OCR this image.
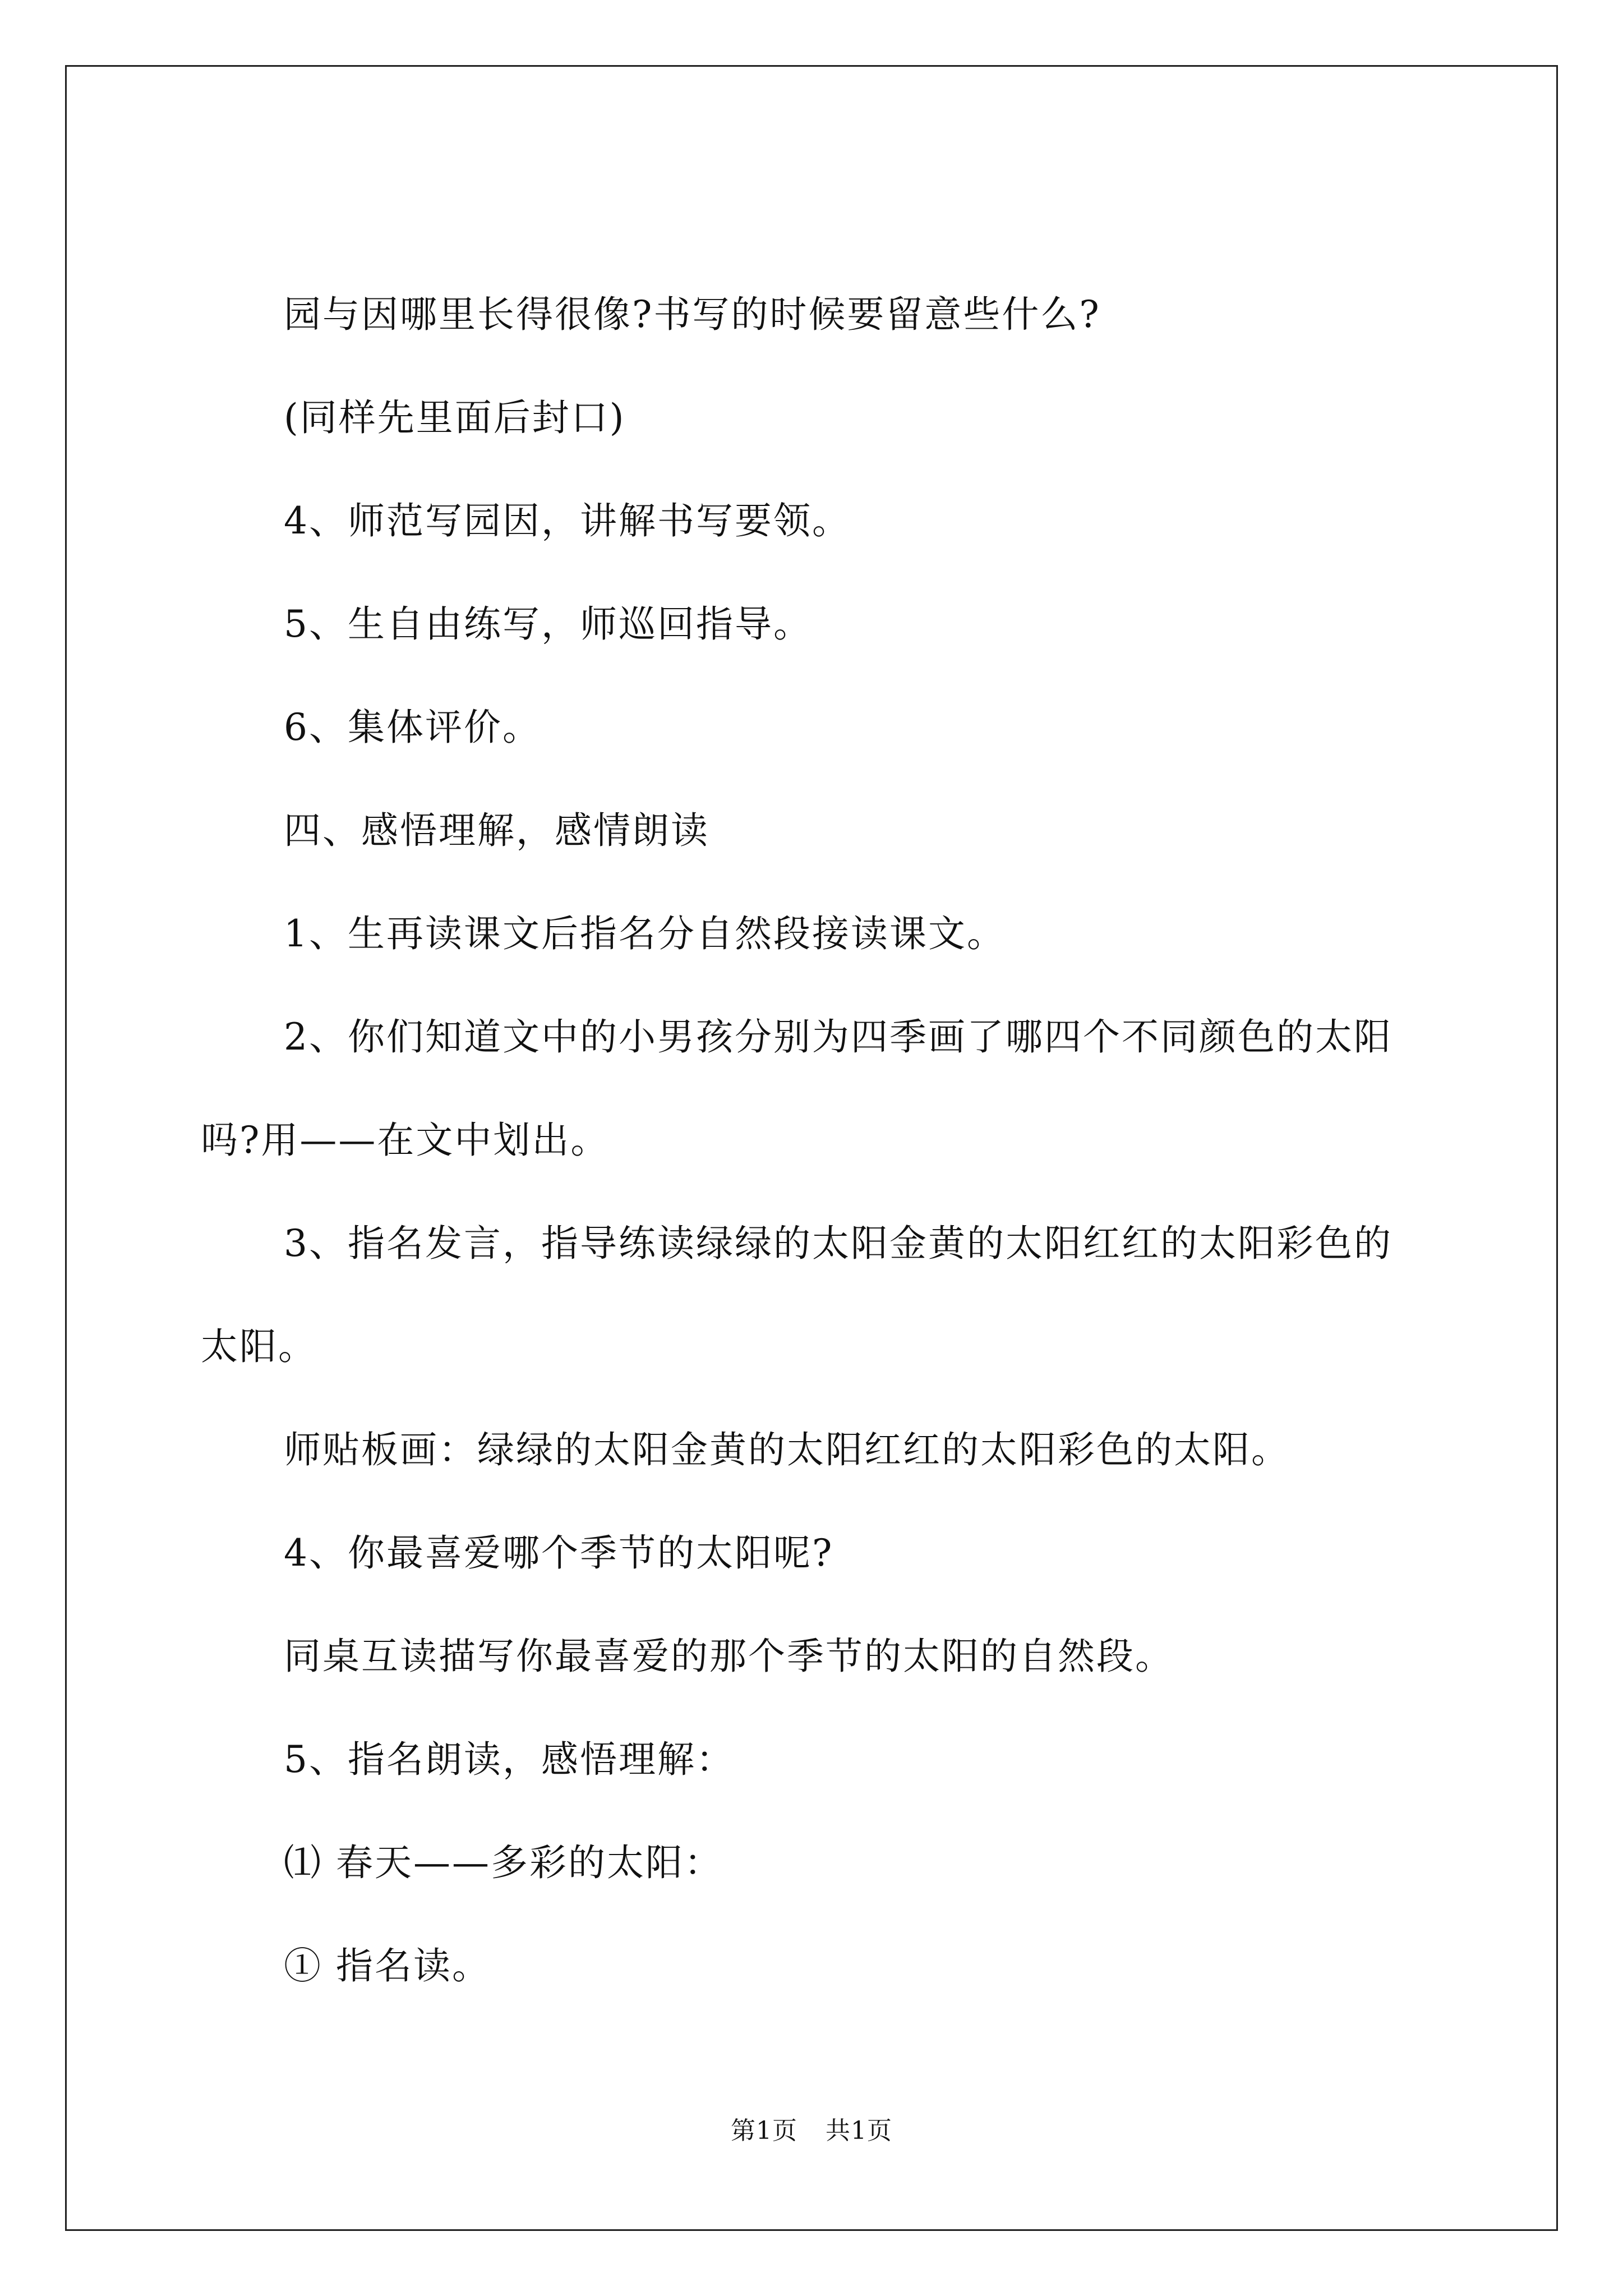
园与因哪里长得很像?书写的时候要留意些什么?
(同样先里面后封口)
4、师范写园因，讲解书写要领。
5、生自由练写，师巡回指导。
6、集体评价。
四、感悟理解，感情朗读
1、生再读课文后指名分自然段接读课文。
2、你们知道文中的小男孩分别为四季画了哪四个不同颜色的太阳
吗?用——在文中划出。
3、指名发言，指导练读绿绿的太阳金黄的太阳红红的太阳彩色的
太阳。
师贴板画：绿绿的太阳金黄的太阳红红的太阳彩色的太阳。
4、你最喜爱哪个季节的太阳呢?
同桌互读描写你最喜爱的那个季节的太阳的自然段。
5、指名朗读，感悟理解：
⑴ 春天——多彩的太阳：
① 指名读。
第1页 共1页
